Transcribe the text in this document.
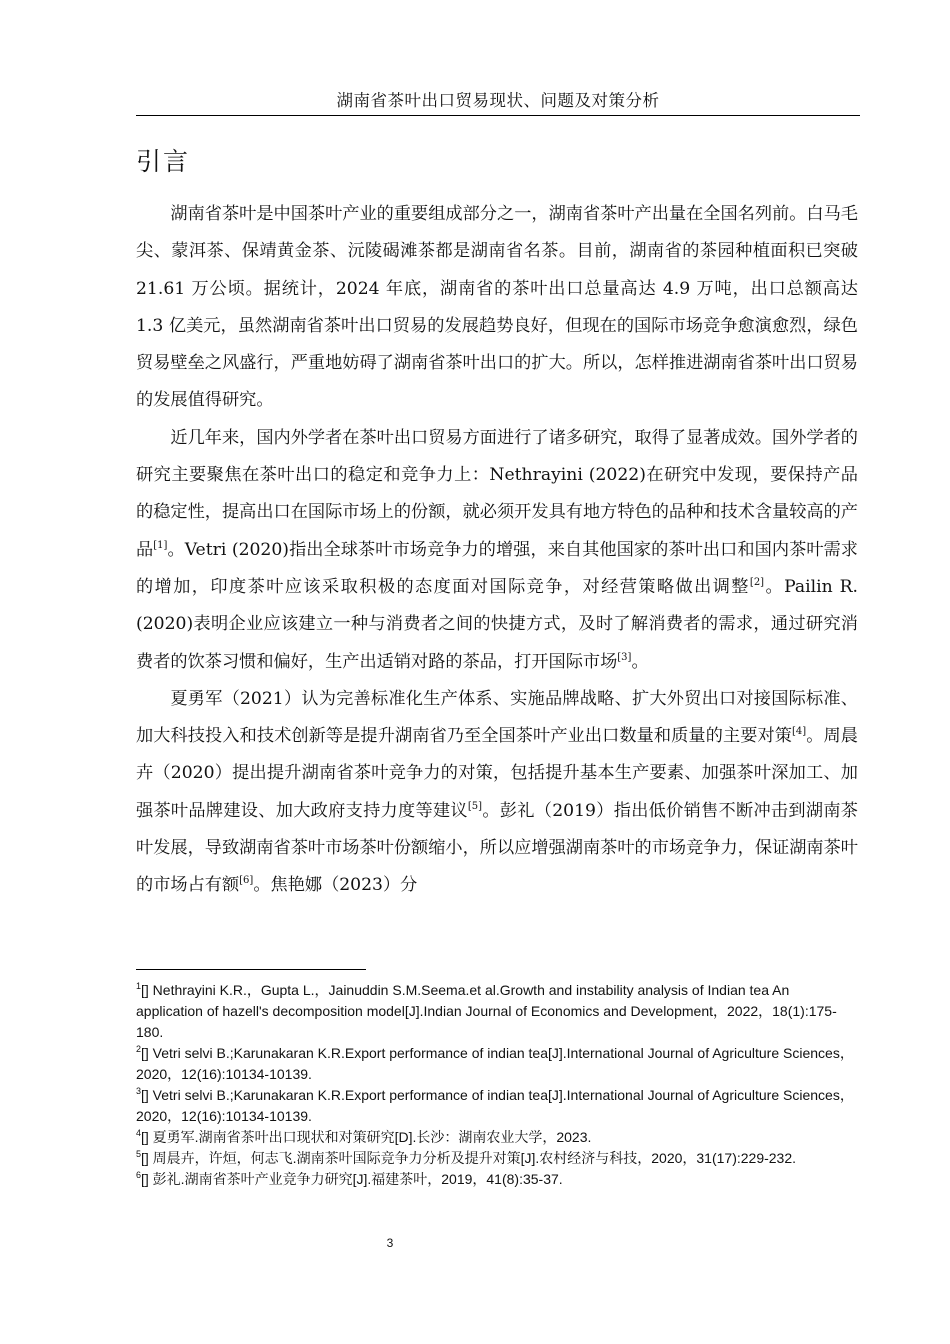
湖南省茶叶出口贸易现状、问题及对策分析
引言

湖南省茶叶是中国茶叶产业的重要组成部分之一，湖南省茶叶产出量在全国名列前。白马毛尖、蒙洱茶、保靖黄金茶、沅陵碣滩茶都是湖南省名茶。目前，湖南省的茶园种植面积已突破 21.61 万公顷。据统计，2024 年底，湖南省的茶叶出口总量高达 4.9 万吨，出口总额高达 1.3 亿美元，虽然湖南省茶叶出口贸易的发展趋势良好，但现在的国际市场竞争愈演愈烈，绿色贸易壁垒之风盛行，严重地妨碍了湖南省茶叶出口的扩大。所以，怎样推进湖南省茶叶出口贸易的发展值得研究。

近几年来，国内外学者在茶叶出口贸易方面进行了诸多研究，取得了显著成效。国外学者的研究主要聚焦在茶叶出口的稳定和竞争力上：Nethrayini (2022)在研究中发现，要保持产品的稳定性，提高出口在国际市场上的份额，就必须开发具有地方特色的品种和技术含量较高的产品[1]。Vetri (2020)指出全球茶叶市场竞争力的增强，来自其他国家的茶叶出口和国内茶叶需求的增加，印度茶叶应该采取积极的态度面对国际竞争，对经营策略做出调整[2]。Pailin R.(2020)表明企业应该建立一种与消费者之间的快捷方式，及时了解消费者的需求，通过研究消费者的饮茶习惯和偏好，生产出适销对路的茶品，打开国际市场[3]。

夏勇军（2021）认为完善标准化生产体系、实施品牌战略、扩大外贸出口对接国际标准、加大科技投入和技术创新等是提升湖南省乃至全国茶叶产业出口数量和质量的主要对策[4]。周晨卉（2020）提出提升湖南省茶叶竞争力的对策，包括提升基本生产要素、加强茶叶深加工、加强茶叶品牌建设、加大政府支持力度等建议[5]。彭礼（2019）指出低价销售不断冲击到湖南茶叶发展，导致湖南省茶叶市场茶叶份额缩小，所以应增强湖南茶叶的市场竞争力，保证湖南茶叶的市场占有额[6]。焦艳娜（2023）分

$^1$[] Nethrayini K.R.，Gupta L.，Jainuddin S.M.Seema.et al.Growth and instability analysis of Indian tea An application of hazell's decomposition model[J].Indian Journal of Economics and Development，2022，18(1):175-180.

$^2$[] Vetri selvi B.;Karunakaran K.R.Export performance of indian tea[J].International Journal of Agriculture Sciences，2020，12(16):10134-10139.

$^3$[] Vetri selvi B.;Karunakaran K.R.Export performance of indian tea[J].International Journal of Agriculture Sciences，2020，12(16):10134-10139.

$^4$[] 夏勇军.湖南省茶叶出口现状和对策研究[D].长沙：湖南农业大学，2023.

$^5$[] 周晨卉，许烜，何志飞.湖南茶叶国际竞争力分析及提升对策[J].农村经济与科技，2020，31(17):229-232.

$^6$[] 彭礼.湖南省茶叶产业竞争力研究[J].福建茶叶，2019，41(8):35-37.

3
